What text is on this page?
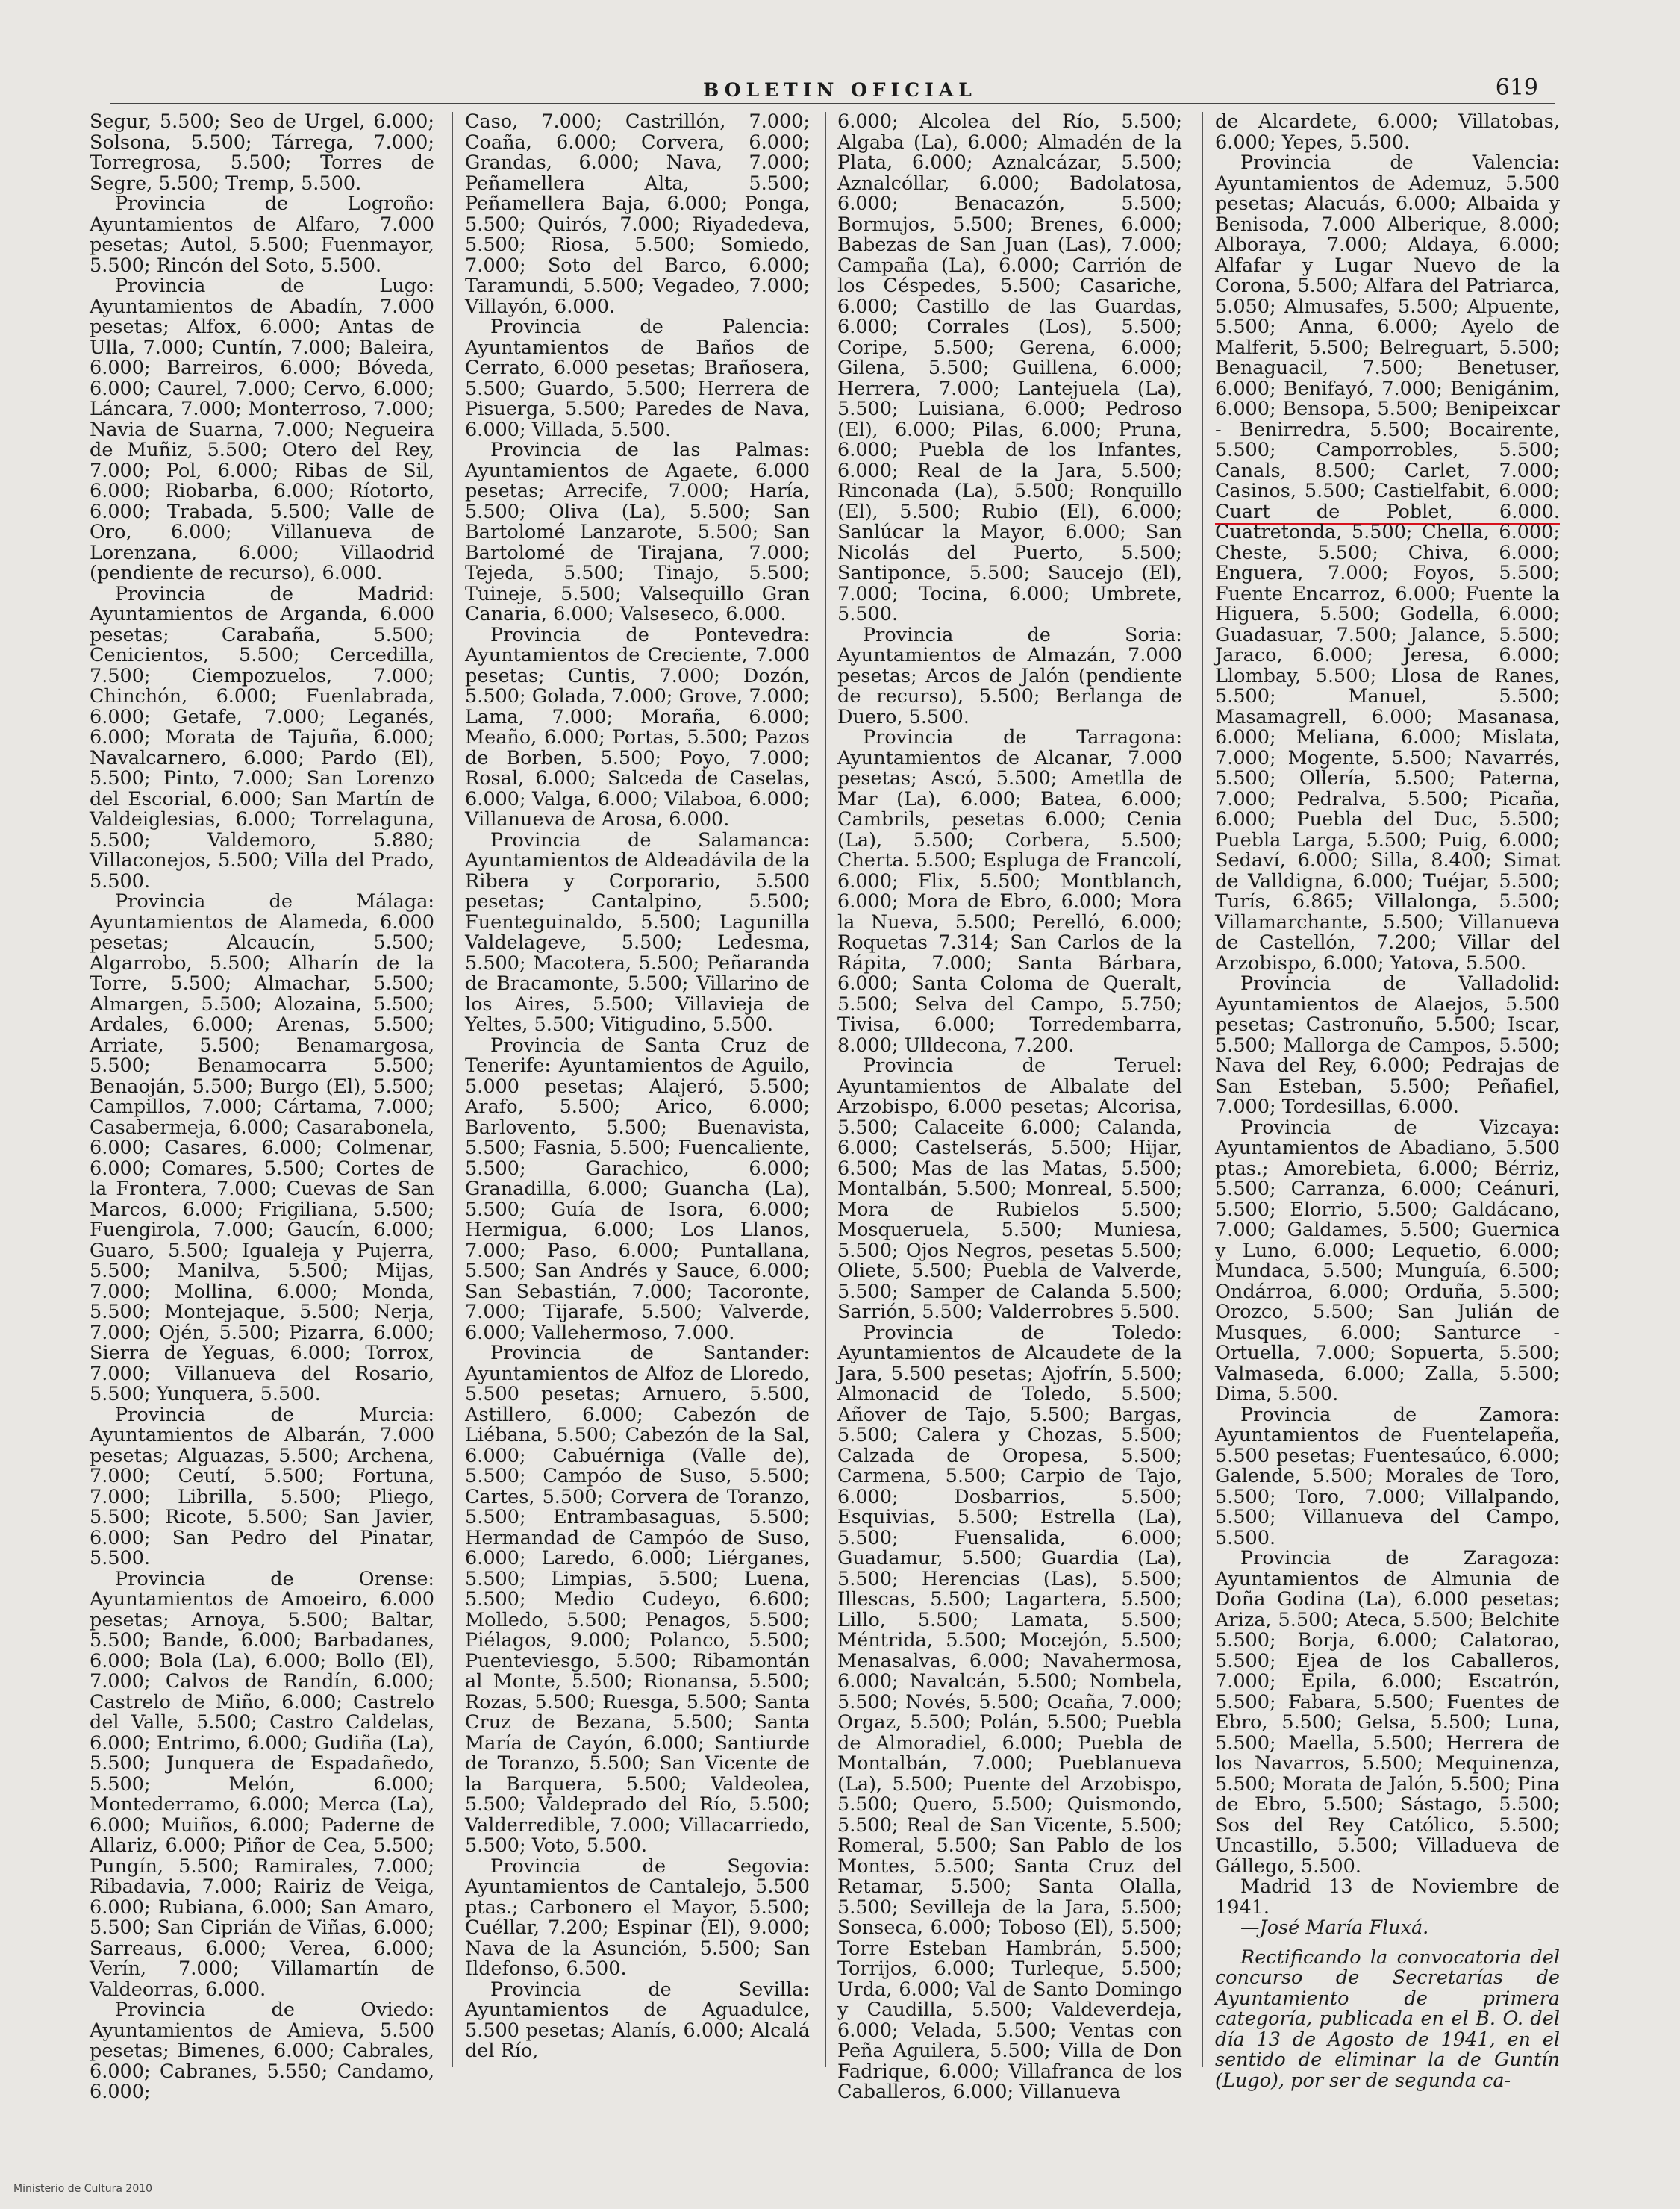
BOLETIN OFICIAL	619

Segur, 5.500; Seo de Urgel, 6.000; Solsona, 5.500; Tárrega, 7.000; Torregrosa, 5.500; Torres de Segre, 5.500; Tremp, 5.500.

Provincia de Logroño: Ayuntamientos de Alfaro, 7.000 pesetas; Autol, 5.500; Fuenmayor, 5.500; Rincón del Soto, 5.500.

Provincia de Lugo: Ayuntamientos de Abadín, 7.000 pesetas; Alfox, 6.000; Antas de Ulla, 7.000; Cuntín, 7.000; Baleira, 6.000; Barreiros, 6.000; Bóveda, 6.000; Caurel, 7.000; Cervo, 6.000; Láncara, 7.000; Monterroso, 7.000; Navia de Suarna, 7.000; Negueira de Muñiz, 5.500; Otero del Rey, 7.000; Pol, 6.000; Ribas de Sil, 6.000; Riobarba, 6.000; Ríotorto, 6.000; Trabada, 5.500; Valle de Oro, 6.000; Villanueva de Lorenzana, 6.000; Villaodrid (pendiente de recurso), 6.000.

Provincia de Madrid: Ayuntamientos de Arganda, 6.000 pesetas; Carabaña, 5.500; Cenicientos, 5.500; Cercedilla, 7.500; Ciempozuelos, 7.000; Chinchón, 6.000; Fuenlabrada, 6.000; Getafe, 7.000; Leganés, 6.000; Morata de Tajuña, 6.000; Navalcarnero, 6.000; Pardo (El), 5.500; Pinto, 7.000; San Lorenzo del Escorial, 6.000; San Martín de Valdeiglesias, 6.000; Torrelaguna, 5.500; Valdemoro, 5.880; Villaconejos, 5.500; Villa del Prado, 5.500.

Provincia de Málaga: Ayuntamientos de Alameda, 6.000 pesetas; Alcaucín, 5.500; Algarrobo, 5.500; Alharín de la Torre, 5.500; Almachar, 5.500; Almargen, 5.500; Alozaina, 5.500; Ardales, 6.000; Arenas, 5.500; Arriate, 5.500; Benamargosa, 5.500; Benamocarra 5.500; Benaoján, 5.500; Burgo (El), 5.500; Campillos, 7.000; Cártama, 7.000; Casabermeja, 6.000; Casarabonela, 6.000; Casares, 6.000; Colmenar, 6.000; Comares, 5.500; Cortes de la Frontera, 7.000; Cuevas de San Marcos, 6.000; Frigiliana, 5.500; Fuengirola, 7.000; Gaucín, 6.000; Guaro, 5.500; Igualeja y Pujerra, 5.500; Manilva, 5.500; Mijas, 7.000; Mollina, 6.000; Monda, 5.500; Montejaque, 5.500; Nerja, 7.000; Ojén, 5.500; Pizarra, 6.000; Sierra de Yeguas, 6.000; Torrox, 7.000; Villanueva del Rosario, 5.500; Yunquera, 5.500.

Provincia de Murcia: Ayuntamientos de Albarán, 7.000 pesetas; Alguazas, 5.500; Archena, 7.000; Ceutí, 5.500; Fortuna, 7.000; Librilla, 5.500; Pliego, 5.500; Ricote, 5.500; San Javier, 6.000; San Pedro del Pinatar, 5.500.

Provincia de Orense: Ayuntamientos de Amoeiro, 6.000 pesetas; Arnoya, 5.500; Baltar, 5.500; Bande, 6.000; Barbadanes, 6.000; Bola (La), 6.000; Bollo (El), 7.000; Calvos de Randín, 6.000; Castrelo de Miño, 6.000; Castrelo del Valle, 5.500; Castro Caldelas, 6.000; Entrimo, 6.000; Gudiña (La), 5.500; Junquera de Espadañedo, 5.500; Melón, 6.000; Montederramo, 6.000; Merca (La), 6.000; Muiños, 6.000; Paderne de Allariz, 6.000; Piñor de Cea, 5.500; Pungín, 5.500; Ramirales, 7.000; Ribadavia, 7.000; Rairiz de Veiga, 6.000; Rubiana, 6.000; San Amaro, 5.500; San Ciprián de Viñas, 6.000; Sarreaus, 6.000; Verea, 6.000; Verín, 7.000; Villamartín de Valdeorras, 6.000.

Provincia de Oviedo: Ayuntamientos de Amieva, 5.500 pesetas; Bimenes, 6.000; Cabrales, 6.000; Cabranes, 5.550; Candamo, 6.000;

Caso, 7.000; Castrillón, 7.000; Coaña, 6.000; Corvera, 6.000; Grandas, 6.000; Nava, 7.000; Peñamellera Alta, 5.500; Peñamellera Baja, 6.000; Ponga, 5.500; Quirós, 7.000; Riyadedeva, 5.500; Riosa, 5.500; Somiedo, 7.000; Soto del Barco, 6.000; Taramundi, 5.500; Vegadeo, 7.000; Villayón, 6.000.

Provincia de Palencia: Ayuntamientos de Baños de Cerrato, 6.000 pesetas; Brañosera, 5.500; Guardo, 5.500; Herrera de Pisuerga, 5.500; Paredes de Nava, 6.000; Villada, 5.500.

Provincia de las Palmas: Ayuntamientos de Agaete, 6.000 pesetas; Arrecife, 7.000; Haría, 5.500; Oliva (La), 5.500; San Bartolomé Lanzarote, 5.500; San Bartolomé de Tirajana, 7.000; Tejeda, 5.500; Tinajo, 5.500; Tuineje, 5.500; Valsequillo Gran Canaria, 6.000; Valseseco, 6.000.

Provincia de Pontevedra: Ayuntamientos de Creciente, 7.000 pesetas; Cuntis, 7.000; Dozón, 5.500; Golada, 7.000; Grove, 7.000; Lama, 7.000; Moraña, 6.000; Meaño, 6.000; Portas, 5.500; Pazos de Borben, 5.500; Poyo, 7.000; Rosal, 6.000; Salceda de Caselas, 6.000; Valga, 6.000; Vilaboa, 6.000; Villanueva de Arosa, 6.000.

Provincia de Salamanca: Ayuntamientos de Aldeadávila de la Ribera y Corporario, 5.500 pesetas; Cantalpino, 5.500; Fuenteguinaldo, 5.500; Lagunilla Valdelageve, 5.500; Ledesma, 5.500; Macotera, 5.500; Peñaranda de Bracamonte, 5.500; Villarino de los Aires, 5.500; Villavieja de Yeltes, 5.500; Vitigudino, 5.500.

Provincia de Santa Cruz de Tenerife: Ayuntamientos de Aguilo, 5.000 pesetas; Alajeró, 5.500; Arafo, 5.500; Arico, 6.000; Barlovento, 5.500; Buenavista, 5.500; Fasnia, 5.500; Fuencaliente, 5.500; Garachico, 6.000; Granadilla, 6.000; Guancha (La), 5.500; Guía de Isora, 6.000; Hermigua, 6.000; Los Llanos, 7.000; Paso, 6.000; Puntallana, 5.500; San Andrés y Sauce, 6.000; San Sebastián, 7.000; Tacoronte, 7.000; Tijarafe, 5.500; Valverde, 6.000; Vallehermoso, 7.000.

Provincia de Santander: Ayuntamientos de Alfoz de Lloredo, 5.500 pesetas; Arnuero, 5.500, Astillero, 6.000; Cabezón de Liébana, 5.500; Cabezón de la Sal, 6.000; Cabuérniga (Valle de), 5.500; Campóo de Suso, 5.500; Cartes, 5.500; Corvera de Toranzo, 5.500; Entrambasaguas, 5.500; Hermandad de Campóo de Suso, 6.000; Laredo, 6.000; Liérganes, 5.500; Limpias, 5.500; Luena, 5.500; Medio Cudeyo, 6.600; Molledo, 5.500; Penagos, 5.500; Piélagos, 9.000; Polanco, 5.500; Puenteviesgo, 5.500; Ribamontán al Monte, 5.500; Rionansa, 5.500; Rozas, 5.500; Ruesga, 5.500; Santa Cruz de Bezana, 5.500; Santa María de Cayón, 6.000; Santiurde de Toranzo, 5.500; San Vicente de la Barquera, 5.500; Valdeolea, 5.500; Valdeprado del Río, 5.500; Valderredible, 7.000; Villacarriedo, 5.500; Voto, 5.500.

Provincia de Segovia: Ayuntamientos de Cantalejo, 5.500 ptas.; Carbonero el Mayor, 5.500; Cuéllar, 7.200; Espinar (El), 9.000; Nava de la Asunción, 5.500; San Ildefonso, 6.500.

Provincia de Sevilla: Ayuntamientos de Aguadulce, 5.500 pesetas; Alanís, 6.000; Alcalá del Río,

6.000; Alcolea del Río, 5.500; Algaba (La), 6.000; Almadén de la Plata, 6.000; Aznalcázar, 5.500; Aznalcóllar, 6.000; Badolatosa, 6.000; Benacazón, 5.500; Bormujos, 5.500; Brenes, 6.000; Babezas de San Juan (Las), 7.000; Campaña (La), 6.000; Carrión de los Céspedes, 5.500; Casariche, 6.000; Castillo de las Guardas, 6.000; Corrales (Los), 5.500; Coripe, 5.500; Gerena, 6.000; Gilena, 5.500; Guillena, 6.000; Herrera, 7.000; Lantejuela (La), 5.500; Luisiana, 6.000; Pedroso (El), 6.000; Pilas, 6.000; Pruna, 6.000; Puebla de los Infantes, 6.000; Real de la Jara, 5.500; Rinconada (La), 5.500; Ronquillo (El), 5.500; Rubio (El), 6.000; Sanlúcar la Mayor, 6.000; San Nicolás del Puerto, 5.500; Santiponce, 5.500; Saucejo (El), 7.000; Tocina, 6.000; Umbrete, 5.500.

Provincia de Soria: Ayuntamientos de Almazán, 7.000 pesetas; Arcos de Jalón (pendiente de recurso), 5.500; Berlanga de Duero, 5.500.

Provincia de Tarragona: Ayuntamientos de Alcanar, 7.000 pesetas; Ascó, 5.500; Ametlla de Mar (La), 6.000; Batea, 6.000; Cambrils, pesetas 6.000; Cenia (La), 5.500; Corbera, 5.500; Cherta. 5.500; Espluga de Francolí, 6.000; Flix, 5.500; Montblanch, 6.000; Mora de Ebro, 6.000; Mora la Nueva, 5.500; Perelló, 6.000; Roquetas 7.314; San Carlos de la Rápita, 7.000; Santa Bárbara, 6.000; Santa Coloma de Queralt, 5.500; Selva del Campo, 5.750; Tivisa, 6.000; Torredembarra, 8.000; Ulldecona, 7.200.

Provincia de Teruel: Ayuntamientos de Albalate del Arzobispo, 6.000 pesetas; Alcorisa, 5.500; Calaceite 6.000; Calanda, 6.000; Castelserás, 5.500; Hijar, 6.500; Mas de las Matas, 5.500; Montalbán, 5.500; Monreal, 5.500; Mora de Rubielos 5.500; Mosqueruela, 5.500; Muniesa, 5.500; Ojos Negros, pesetas 5.500; Oliete, 5.500; Puebla de Valverde, 5.500; Samper de Calanda 5.500; Sarrión, 5.500; Valderrobres 5.500.

Provincia de Toledo: Ayuntamientos de Alcaudete de la Jara, 5.500 pesetas; Ajofrín, 5.500; Almonacid de Toledo, 5.500; Añover de Tajo, 5.500; Bargas, 5.500; Calera y Chozas, 5.500; Calzada de Oropesa, 5.500; Carmena, 5.500; Carpio de Tajo, 6.000; Dosbarrios, 5.500; Esquivias, 5.500; Estrella (La), 5.500; Fuensalida, 6.000; Guadamur, 5.500; Guardia (La), 5.500; Herencias (Las), 5.500; Illescas, 5.500; Lagartera, 5.500; Lillo, 5.500; Lamata, 5.500; Méntrida, 5.500; Mocejón, 5.500; Menasalvas, 6.000; Navahermosa, 6.000; Navalcán, 5.500; Nombela, 5.500; Novés, 5.500; Ocaña, 7.000; Orgaz, 5.500; Polán, 5.500; Puebla de Almoradiel, 6.000; Puebla de Montalbán, 7.000; Pueblanueva (La), 5.500; Puente del Arzobispo, 5.500; Quero, 5.500; Quismondo, 5.500; Real de San Vicente, 5.500; Romeral, 5.500; San Pablo de los Montes, 5.500; Santa Cruz del Retamar, 5.500; Santa Olalla, 5.500; Sevilleja de la Jara, 5.500; Sonseca, 6.000; Toboso (El), 5.500; Torre Esteban Hambrán, 5.500; Torrijos, 6.000; Turleque, 5.500; Urda, 6.000; Val de Santo Domingo y Caudilla, 5.500; Valdeverdeja, 6.000; Velada, 5.500; Ventas con Peña Aguilera, 5.500; Villa de Don Fadrique, 6.000; Villafranca de los Caballeros, 6.000; Villanueva

de Alcardete, 6.000; Villatobas, 6.000; Yepes, 5.500.

Provincia de Valencia: Ayuntamientos de Ademuz, 5.500 pesetas; Alacuás, 6.000; Albaida y Benisoda, 7.000 Alberique, 8.000; Alboraya, 7.000; Aldaya, 6.000; Alfafar y Lugar Nuevo de la Corona, 5.500; Alfara del Patriarca, 5.050; Almusafes, 5.500; Alpuente, 5.500; Anna, 6.000; Ayelo de Malferit, 5.500; Belreguart, 5.500; Benaguacil, 7.500; Benetuser, 6.000; Benifayó, 7.000; Benigánim, 6.000; Bensopa, 5.500; Benipeixcar - Benirredra, 5.500; Bocairente, 5.500; Camporrobles, 5.500; Canals, 8.500; Carlet, 7.000; Casinos, 5.500; Castielfabit, 6.000; Cuart de Poblet, 6.000. Cuatretonda, 5.500; Chella, 6.000; Cheste, 5.500; Chiva, 6.000; Enguera, 7.000; Foyos, 5.500; Fuente Encarroz, 6.000; Fuente la Higuera, 5.500; Godella, 6.000; Guadasuar, 7.500; Jalance, 5.500; Jaraco, 6.000; Jeresa, 6.000; Llombay, 5.500; Llosa de Ranes, 5.500; Manuel, 5.500; Masamagrell, 6.000; Masanasa, 6.000; Meliana, 6.000; Mislata, 7.000; Mogente, 5.500; Navarrés, 5.500; Ollería, 5.500; Paterna, 7.000; Pedralva, 5.500; Picaña, 6.000; Puebla del Duc, 5.500; Puebla Larga, 5.500; Puig, 6.000; Sedaví, 6.000; Silla, 8.400; Simat de Valldigna, 6.000; Tuéjar, 5.500; Turís, 6.865; Villalonga, 5.500; Villamarchante, 5.500; Villanueva de Castellón, 7.200; Villar del Arzobispo, 6.000; Yatova, 5.500.

Provincia de Valladolid: Ayuntamientos de Alaejos, 5.500 pesetas; Castronuño, 5.500; Iscar, 5.500; Mallorga de Campos, 5.500; Nava del Rey, 6.000; Pedrajas de San Esteban, 5.500; Peñafiel, 7.000; Tordesillas, 6.000.

Provincia de Vizcaya: Ayuntamientos de Abadiano, 5.500 ptas.; Amorebieta, 6.000; Bérriz, 5.500; Carranza, 6.000; Ceánuri, 5.500; Elorrio, 5.500; Galdácano, 7.000; Galdames, 5.500; Guernica y Luno, 6.000; Lequetio, 6.000; Mundaca, 5.500; Munguía, 6.500; Ondárroa, 6.000; Orduña, 5.500; Orozco, 5.500; San Julián de Musques, 6.000; Santurce - Ortuella, 7.000; Sopuerta, 5.500; Valmaseda, 6.000; Zalla, 5.500; Dima, 5.500.

Provincia de Zamora: Ayuntamientos de Fuentelapeña, 5.500 pesetas; Fuentesaúco, 6.000; Galende, 5.500; Morales de Toro, 5.500; Toro, 7.000; Villalpando, 5.500; Villanueva del Campo, 5.500.

Provincia de Zaragoza: Ayuntamientos de Almunia de Doña Godina (La), 6.000 pesetas; Ariza, 5.500; Ateca, 5.500; Belchite 5.500; Borja, 6.000; Calatorao, 5.500; Ejea de los Caballeros, 7.000; Epila, 6.000; Escatrón, 5.500; Fabara, 5.500; Fuentes de Ebro, 5.500; Gelsa, 5.500; Luna, 5.500; Maella, 5.500; Herrera de los Navarros, 5.500; Mequinenza, 5.500; Morata de Jalón, 5.500; Pina de Ebro, 5.500; Sástago, 5.500; Sos del Rey Católico, 5.500; Uncastillo, 5.500; Villadueva de Gállego, 5.500.

Madrid 13 de Noviembre de 1941.

—José María Fluxá.

Rectificando la convocatoria del concurso de Secretarías de Ayuntamiento de primera categoría, publicada en el B. O. del día 13 de Agosto de 1941, en el sentido de eliminar la de Guntín (Lugo), por ser de segunda ca-

Ministerio de Cultura 2010
